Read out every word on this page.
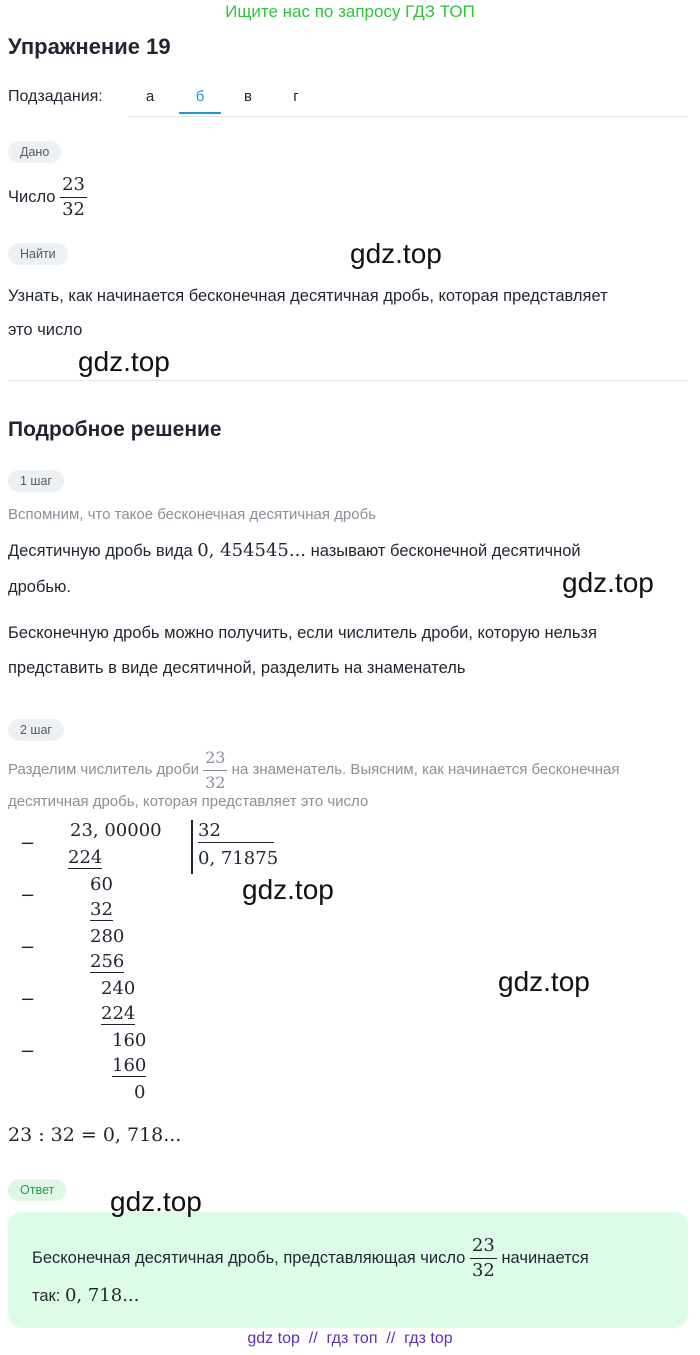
Ищите нас по запросу ГДЗ ТОП
Упражнение 19
Подзадания:	а	б	в	г
Дано
Число $\frac{23}{32}$
Найти
Узнать, как начинается бесконечная десятичная дробь, которая представляет
это число
Подробное решение
1 шаг
Вспомним, что такое бесконечная десятичная дробь
Десятичную дробь вида 0, 454545... называют бесконечной десятичной
дробью.
Бесконечную дробь можно получить, если числитель дроби, которую нельзя
представить в виде десятичной, разделить на знаменатель
2 шаг
Разделим числитель дроби $\frac{23}{32}$ на знаменатель. Выясним, как начинается бесконечная
десятичная дробь, которая представляет это число
23, 00000 32
0, 71875
−
224
60
−
32
280
−
256
240
−
224
160
−
160
0
23 : 32 = 0, 718...
Ответ
Бесконечная десятичная дробь, представляющая число $\frac{23}{32}$ начинается
так: 0, 718...
gdz.top
gdz.top
gdz.top
gdz.top
gdz.top
gdz.top
gdz top  //  гдз топ  //  гдз top
